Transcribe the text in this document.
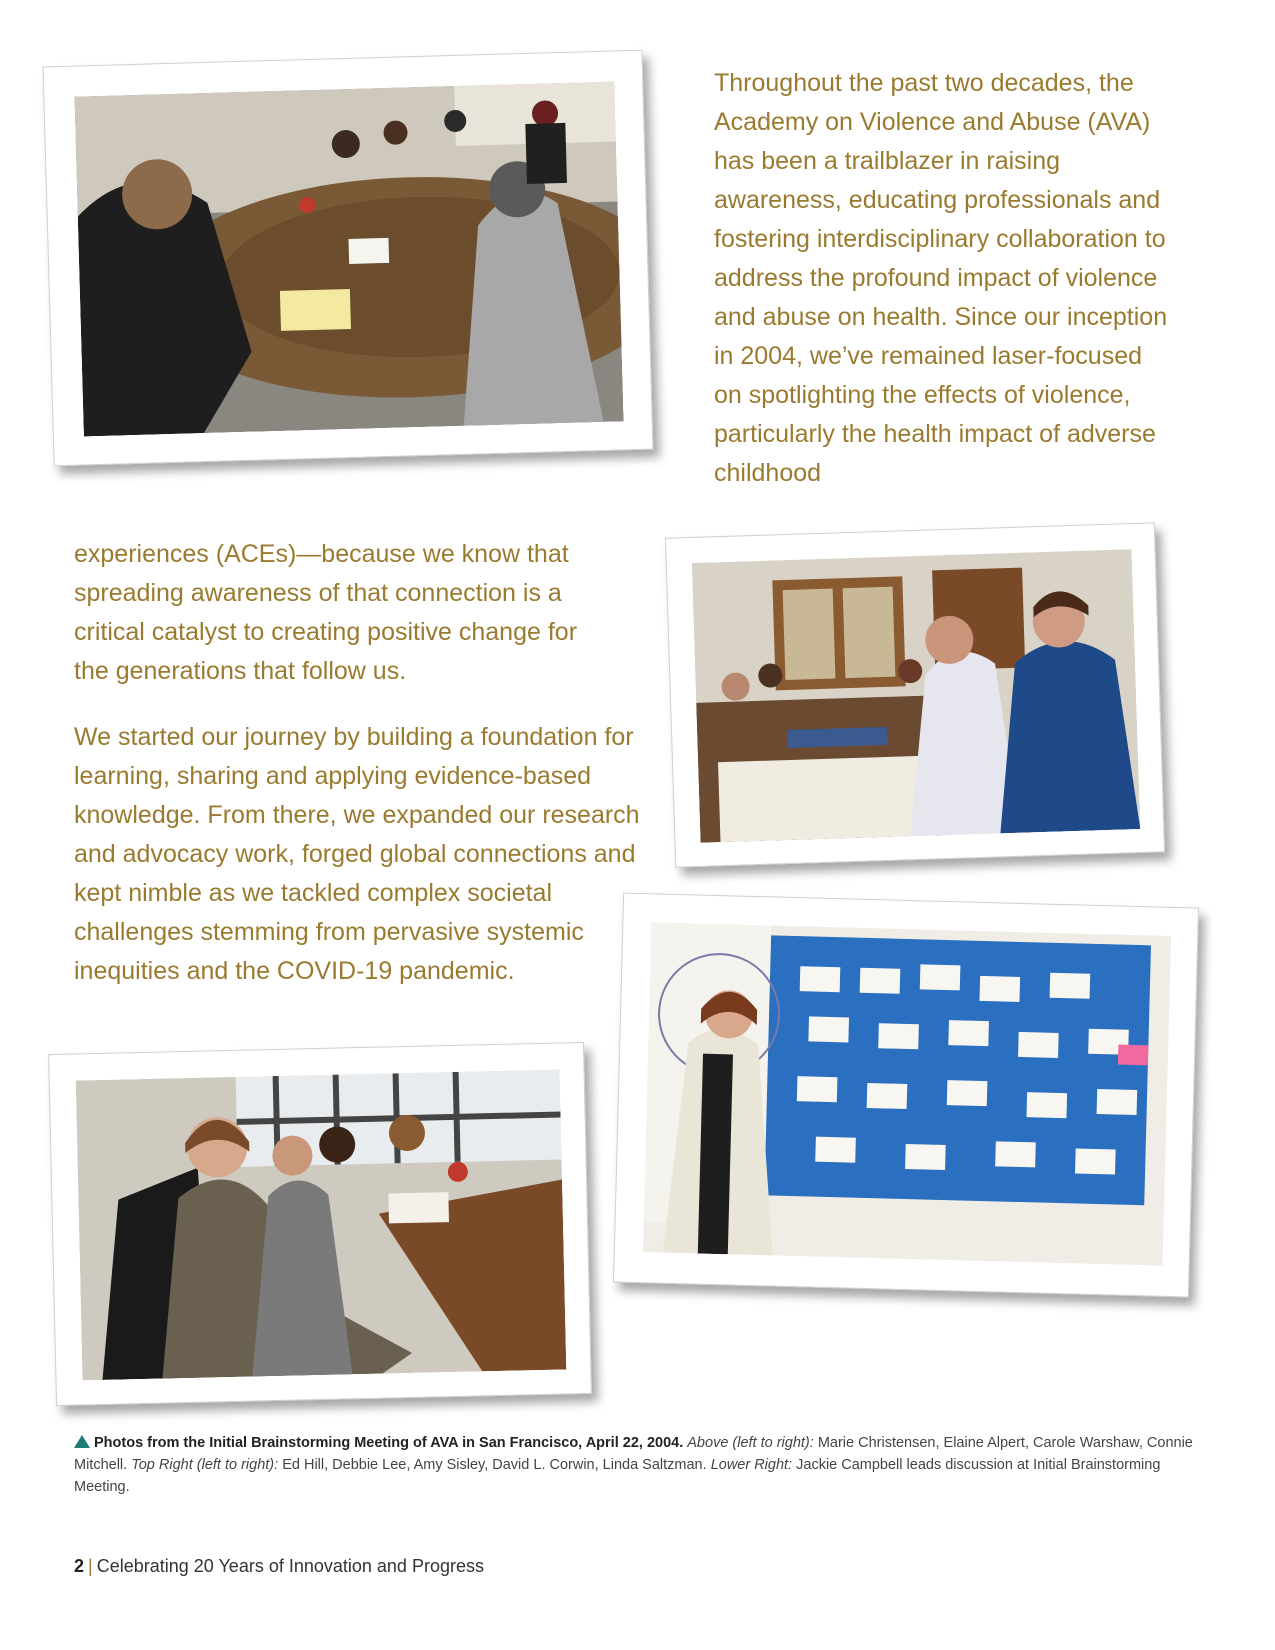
Throughout the past two decades, the Academy on Violence and Abuse (AVA) has been a trailblazer in raising awareness, educating professionals and fostering interdisciplinary collaboration to address the profound impact of violence and abuse on health. Since our inception in 2004, we’ve remained laser-focused on spotlighting the effects of violence, particularly the health impact of adverse childhood

experiences (ACEs)—because we know that spreading awareness of that connection is a critical catalyst to creating positive change for the generations that follow us.

We started our journey by building a foundation for learning, sharing and applying evidence-based knowledge. From there, we expanded our research and advocacy work, forged global connections and kept nimble as we tackled complex societal challenges stemming from pervasive systemic inequities and the COVID-19 pandemic.

Photos from the Initial Brainstorming Meeting of AVA in San Francisco, April 22, 2004. Above (left to right): Marie Christensen, Elaine Alpert, Carole Warshaw, Connie Mitchell. Top Right (left to right): Ed Hill, Debbie Lee, Amy Sisley, David L. Corwin, Linda Saltzman. Lower Right: Jackie Campbell leads discussion at Initial Brainstorming Meeting.

2 | Celebrating 20 Years of Innovation and Progress
